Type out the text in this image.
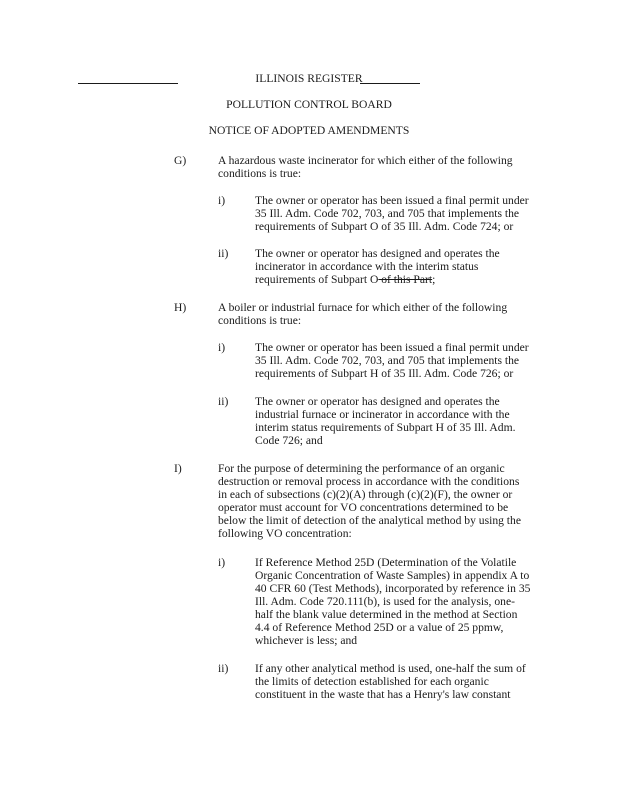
ILLINOIS REGISTER
POLLUTION CONTROL BOARD
NOTICE OF ADOPTED AMENDMENTS
G)	A hazardous waste incinerator for which either of the following
conditions is true:
i)	The owner or operator has been issued a final permit under
35 Ill. Adm. Code 702, 703, and 705 that implements the
requirements of Subpart O of 35 Ill. Adm. Code 724; or
ii) The owner or operator has designed and operates the
incinerator in accordance with the interim status
requirements of Subpart O of this Part;
H)	A boiler or industrial furnace for which either of the following
conditions is true:
i)	The owner or operator has been issued a final permit under
35 Ill. Adm. Code 702, 703, and 705 that implements the
requirements of Subpart H of 35 Ill. Adm. Code 726; or
ii) The owner or operator has designed and operates the
industrial furnace or incinerator in accordance with the
interim status requirements of Subpart H of 35 Ill. Adm.
Code 726; and
I)	For the purpose of determining the performance of an organic
destruction or removal process in accordance with the conditions
in each of subsections (c)(2)(A) through (c)(2)(F), the owner or
operator must account for VO concentrations determined to be
below the limit of detection of the analytical method by using the
following VO concentration:
i)	If Reference Method 25D (Determination of the Volatile
Organic Concentration of Waste Samples) in appendix A to
40 CFR 60 (Test Methods), incorporated by reference in 35
Ill. Adm. Code 720.111(b), is used for the analysis, one-
half the blank value determined in the method at Section
4.4 of Reference Method 25D or a value of 25 ppmw,
whichever is less; and
ii) If any other analytical method is used, one-half the sum of
the limits of detection established for each organic
constituent in the waste that has a Henry's law constant
